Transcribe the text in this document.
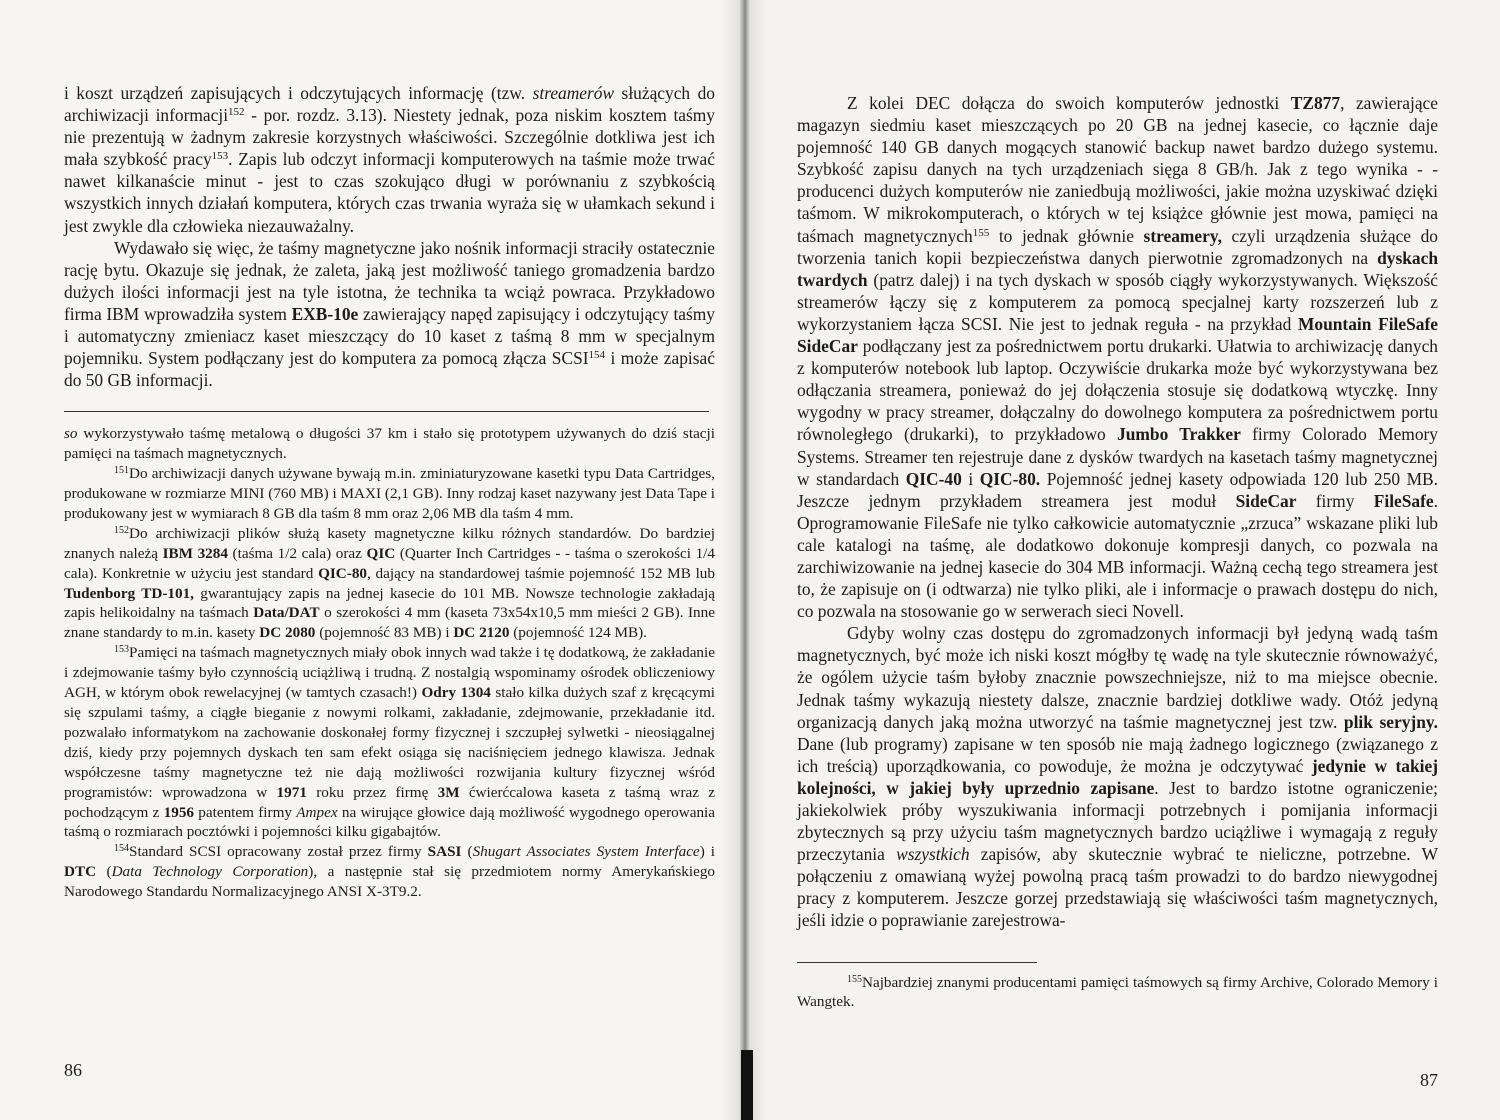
i koszt urządzeń zapisujących i odczytujących informację (tzw. streamerów służących do archiwizacji informacji$^{152}$ - por. rozdz. 3.13). Niestety jednak, poza niskim kosztem taśmy nie prezentują w żadnym zakresie korzystnych właściwości. Szczególnie dotkliwa jest ich mała szybkość pracy$^{153}$. Zapis lub odczyt informacji komputerowych na taśmie może trwać nawet kilkanaście minut - jest to czas szokująco długi w porównaniu z szybkością wszystkich innych działań komputera, których czas trwania wyraża się w ułamkach sekund i jest zwykle dla człowieka niezauważalny.

Wydawało się więc, że taśmy magnetyczne jako nośnik informacji straciły ostatecznie rację bytu. Okazuje się jednak, że zaleta, jaką jest możliwość taniego gromadzenia bardzo dużych ilości informacji jest na tyle istotna, że technika ta wciąż powraca. Przykładowo firma IBM wprowadziła system EXB-10e zawierający napęd zapisujący i odczytujący taśmy i automatyczny zmieniacz kaset mieszczący do 10 kaset z taśmą 8 mm w specjalnym pojemniku. System podłączany jest do komputera za pomocą złącza SCSI$^{154}$ i może zapisać do 50 GB informacji.

so wykorzystywało taśmę metalową o długości 37 km i stało się prototypem używanych do dziś stacji pamięci na taśmach magnetycznych.

$^{151}$Do archiwizacji danych używane bywają m.in. zminiaturyzowane kasetki typu Data Cartridges, produkowane w rozmiarze MINI (760 MB) i MAXI (2,1 GB). Inny rodzaj kaset nazywany jest Data Tape i produkowany jest w wymiarach 8 GB dla taśm 8 mm oraz 2,06 MB dla taśm 4 mm.

$^{152}$Do archiwizacji plików służą kasety magnetyczne kilku różnych standardów. Do bardziej znanych należą IBM 3284 (taśma 1/2 cala) oraz QIC (Quarter Inch Cartridges - - taśma o szerokości 1/4 cala). Konkretnie w użyciu jest standard QIC-80, dający na standardowej taśmie pojemność 152 MB lub Tudenborg TD-101, gwarantujący zapis na jednej kasecie do 101 MB. Nowsze technologie zakładają zapis helikoidalny na taśmach Data/DAT o szerokości 4 mm (kaseta 73x54x10,5 mm mieści 2 GB). Inne znane standardy to m.in. kasety DC 2080 (pojemność 83 MB) i DC 2120 (pojemność 124 MB).

$^{153}$Pamięci na taśmach magnetycznych miały obok innych wad także i tę dodatkową, że zakładanie i zdejmowanie taśmy było czynnością uciążliwą i trudną. Z nostalgią wspominamy ośrodek obliczeniowy AGH, w którym obok rewelacyjnej (w tamtych czasach!) Odry 1304 stało kilka dużych szaf z kręcącymi się szpulami taśmy, a ciągłe bieganie z nowymi rolkami, zakładanie, zdejmowanie, przekładanie itd. pozwalało informatykom na zachowanie doskonałej formy fizycznej i szczupłej sylwetki - nieosiągalnej dziś, kiedy przy pojemnych dyskach ten sam efekt osiąga się naciśnięciem jednego klawisza. Jednak współczesne taśmy magnetyczne też nie dają możliwości rozwijania kultury fizycznej wśród programistów: wprowadzona w 1971 roku przez firmę 3M ćwierćcalowa kaseta z taśmą wraz z pochodzącym z 1956 patentem firmy Ampex na wirujące głowice dają możliwość wygodnego operowania taśmą o rozmiarach pocztówki i pojemności kilku gigabajtów.

$^{154}$Standard SCSI opracowany został przez firmy SASI (Shugart Associates System Interface) i DTC (Data Technology Corporation), a następnie stał się przedmiotem normy Amerykańskiego Narodowego Standardu Normalizacyjnego ANSI X-3T9.2.

86

Z kolei DEC dołącza do swoich komputerów jednostki TZ877, zawierające magazyn siedmiu kaset mieszczących po 20 GB na jednej kasecie, co łącznie daje pojemność 140 GB danych mogących stanowić backup nawet bardzo dużego systemu. Szybkość zapisu danych na tych urządzeniach sięga 8 GB/h. Jak z tego wynika - - producenci dużych komputerów nie zaniedbują możliwości, jakie można uzyskiwać dzięki taśmom. W mikrokomputerach, o których w tej książce głównie jest mowa, pamięci na taśmach magnetycznych$^{155}$ to jednak głównie streamery, czyli urządzenia służące do tworzenia tanich kopii bezpieczeństwa danych pierwotnie zgromadzonych na dyskach twardych (patrz dalej) i na tych dyskach w sposób ciągły wykorzystywanych. Większość streamerów łączy się z komputerem za pomocą specjalnej karty rozszerzeń lub z wykorzystaniem łącza SCSI. Nie jest to jednak reguła - na przykład Mountain FileSafe SideCar podłączany jest za pośrednictwem portu drukarki. Ułatwia to archiwizację danych z komputerów notebook lub laptop. Oczywiście drukarka może być wykorzystywana bez odłączania streamera, ponieważ do jej dołączenia stosuje się dodatkową wtyczkę. Inny wygodny w pracy streamer, dołączalny do dowolnego komputera za pośrednictwem portu równoległego (drukarki), to przykładowo Jumbo Trakker firmy Colorado Memory Systems. Streamer ten rejestruje dane z dysków twardych na kasetach taśmy magnetycznej w standardach QIC-40 i QIC-80. Pojemność jednej kasety odpowiada 120 lub 250 MB. Jeszcze jednym przykładem streamera jest moduł SideCar firmy FileSafe. Oprogramowanie FileSafe nie tylko całkowicie automatycznie „zrzuca” wskazane pliki lub cale katalogi na taśmę, ale dodatkowo dokonuje kompresji danych, co pozwala na zarchiwizowanie na jednej kasecie do 304 MB informacji. Ważną cechą tego streamera jest to, że zapisuje on (i odtwarza) nie tylko pliki, ale i informacje o prawach dostępu do nich, co pozwala na stosowanie go w serwerach sieci Novell.

Gdyby wolny czas dostępu do zgromadzonych informacji był jedyną wadą taśm magnetycznych, być może ich niski koszt mógłby tę wadę na tyle skutecznie równoważyć, że ogólem użycie taśm byłoby znacznie powszechniejsze, niż to ma miejsce obecnie. Jednak taśmy wykazują niestety dalsze, znacznie bardziej dotkliwe wady. Otóż jedyną organizacją danych jaką można utworzyć na taśmie magnetycznej jest tzw. plik seryjny. Dane (lub programy) zapisane w ten sposób nie mają żadnego logicznego (związanego z ich treścią) uporządkowania, co powoduje, że można je odczytywać jedynie w takiej kolejności, w jakiej były uprzednio zapisane. Jest to bardzo istotne ograniczenie; jakiekolwiek próby wyszukiwania informacji potrzebnych i pomijania informacji zbytecznych są przy użyciu taśm magnetycznych bardzo uciążliwe i wymagają z reguły przeczytania wszystkich zapisów, aby skutecznie wybrać te nieliczne, potrzebne. W połączeniu z omawianą wyżej powolną pracą taśm prowadzi to do bardzo niewygodnej pracy z komputerem. Jeszcze gorzej przedstawiają się właściwości taśm magnetycznych, jeśli idzie o poprawianie zarejestrowa-

$^{155}$Najbardziej znanymi producentami pamięci taśmowych są firmy Archive, Colorado Memory i Wangtek.

87
